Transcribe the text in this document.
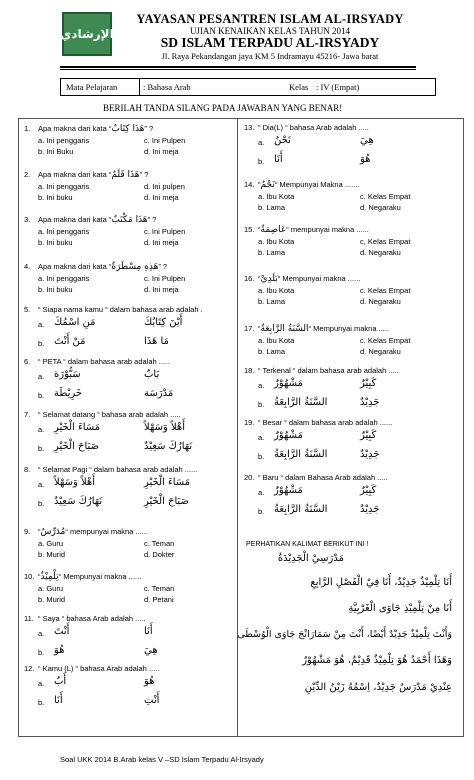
الإرشادي
YAYASAN PESANTREN ISLAM AL-IRSYADY
UJIAN KENAIKAN KELAS TAHUN 2014
SD ISLAM TERPADU AL-IRSYADY
Jl. Raya Pekandangan jaya KM 5 Indramayu 45216- Jawa barat
Mata Pelajaran	: Bahasa Arab	Kelas : IV (Empat)
BERILAH TANDA SILANG PADA JAWABAN YANG BENAR!
1. Apa makna dari kata “هَذَا كِتَابٌ” ?
a. Ini penggaris	c. Ini Pulpen
b. Ini Buku	d. Ini meja
2. Apa makna dari kata “هَذَا قَلَمٌ” ?
a. Ini penggaris	d. Ini pulpen
b. Ini buku	d. Ini meja
3. Apa makna dari kata “هَذَا مَكْتَبٌ” ?
a. Ini penggaris	c. Ini Pulpen
b. Ini buku	d. Ini meja
4. Apa makna dari kata “هَذِهِ مِسْطَرَةٌ” ?
a. Ini penggaris	c. Ini Pulpen
b. Ini buku	d. Ini meja
5. “ Siapa nama kamu “ dalam bahasa arab adalah .
a. مَنِ اسْمُكَ	أَيْنَ كِتَابُكَ
b. مَنْ أَنْتَ	مَا هَذَا
6. “ PETA “ dalam bahasa arab adalah .....
a. سَبُّوْرَة	بَابٌ
b. خَرِيْطَة	مَدْرَسَة
7. “ Selamat datang “ bahasa arab adalah .....
a. مَسَاءَ الْخَيْرِ	أَهْلاً وَسَهْلاً
b. صَبَاحَ الْخَيْرِ	نَهَارُكَ سَعِيْدٌ
8. “ Selamat Pagi “ dalam bahasa arab adalah ......
a. أَهْلاً وَسَهْلاً	مَسَاءَ الْخَيْرِ
b. نَهَارُكَ سَعِيْدٌ	صَبَاحَ الْخَيْرِ
9. “مُدَرِّسٌ“ mempunyai makna ......
a. Guru	c. Teman
b. Murid	d. Dokter
10. “تِلْمِيْذٌ“ Mempunyai makna ......
a. Guru	c. Teman
b. Murid	d. Petani
11. “ Saya “ bahasa Arab adalah .....
a. أَنْتَ	أَنَا
b. هُوَ	هِيَ
12. “ Kamu (L) “ bahasa Arab adalah .....
a. أَبٌ	هُوَ
b. أَنَا	أَنْتِ
13. “ Dia(L) “ bahasa Arab adalah .....
a. نَحْنُ	هِيَ
b. أَنَا	هُوَ
14. “نَجْمٌ“ Mempunyai Makna .......
a. Ibu Kota	c. Kelas Empat
b. Lama	d. Negaraku
15. “عَاصِمَةٌ“ mempunyai makna ......
a. Ibu Kota	c, Kelas Empat
b. Lama	d. Negaraku
16. “بَلَدِيْ“ Mempunyai makna ......
a. Ibu Kota	c. Kelas Empat
b. Lama	d. Negaraku
17. “السَّنَةُ الرَّابِعَةُ“ Mempunyai makna .....
a. Ibu Kota	c. Kelas Empat
b. Lama	d. Negaraku
18. “ Terkenal “ dalam bahasa arab adalah .....
a. مَشْهُوْرٌ	كَبِيْرٌ
b. السَّنَةُ الرَّابِعَةُ	جَدِيْدٌ
19. “ Besar “ dalam bahasa arab adalah ......
a. مَشْهُوْرٌ	كَبِيْرٌ
b. السَّنَةُ الرَّابِعَةُ	جَدِيْدٌ
20. “ Baru “ dalam Bahasa Arab adalah .....
a. مَشْهُوْرٌ	كَبِيْرٌ
b. السَّنَةُ الرَّابِعَةُ	جَدِيْدٌ
PERHATIKAN KALIMAT BERIKUT INI !
مَدْرَسِيْ الْجَدِيْدَةُ
أَنَا تِلْمِيْذٌ جَدِيْدٌ، أَنَا فِيْ الْفَصْلِ الرَّابِعِ
أَنَا مِنْ تِلْمِيْذِ جَاوَى الْغَرْبِيَّةِ
وَأَنْتَ تِلْمِيْذٌ جَدِيْدٌ أَيْضًا، أَنْتَ مِنْ سَمَارَانْجَ جَاوَى الْوُسْطَى
وَهَذَا أَحْمَدُ هُوَ تِلْمِيْذٌ قَدِيْمٌ، هُوَ مَشْهُوْرٌ
عِنْدِيْ مَدْرَسٌ جَدِيْدٌ، اِسْمُهُ زَيْنُ الدِّيْنِ
Soal UKK 2014 B.Arab kelas V –SD Islam Terpadu Al-Irsyady
